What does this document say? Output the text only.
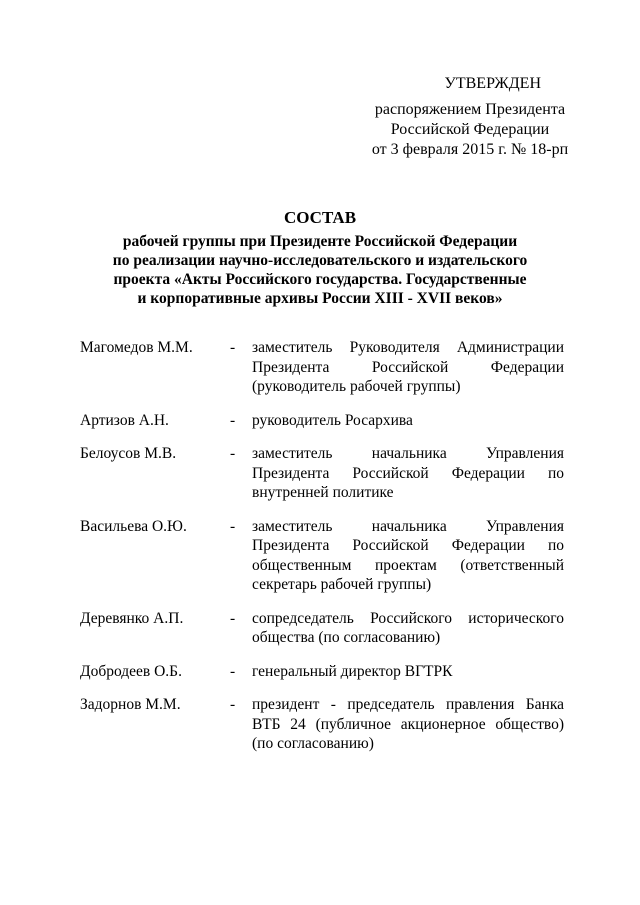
УТВЕРЖДЕН
распоряжением Президента
Российской Федерации
от 3 февраля 2015 г. № 18-рп
СОСТАВ
рабочей группы при Президенте Российской Федерации
по реализации научно-исследовательского и издательского
проекта «Акты Российского государства. Государственные
и корпоративные архивы России XIII - XVII веков»
Магомедов М.М.	-	заместитель Руководителя Администрации Президента Российской Федерации (руководитель рабочей группы)
Артизов А.Н.	-	руководитель Росархива
Белоусов М.В.	-	заместитель начальника Управления Президента Российской Федерации по внутренней политике
Васильева О.Ю.	-	заместитель начальника Управления Президента Российской Федерации по общественным проектам (ответственный секретарь рабочей группы)
Деревянко А.П.	-	сопредседатель Российского исторического общества (по согласованию)
Добродеев О.Б.	-	генеральный директор ВГТРК
Задорнов М.М.	-	президент - председатель правления Банка ВТБ 24 (публичное акционерное общество) (по согласованию)
